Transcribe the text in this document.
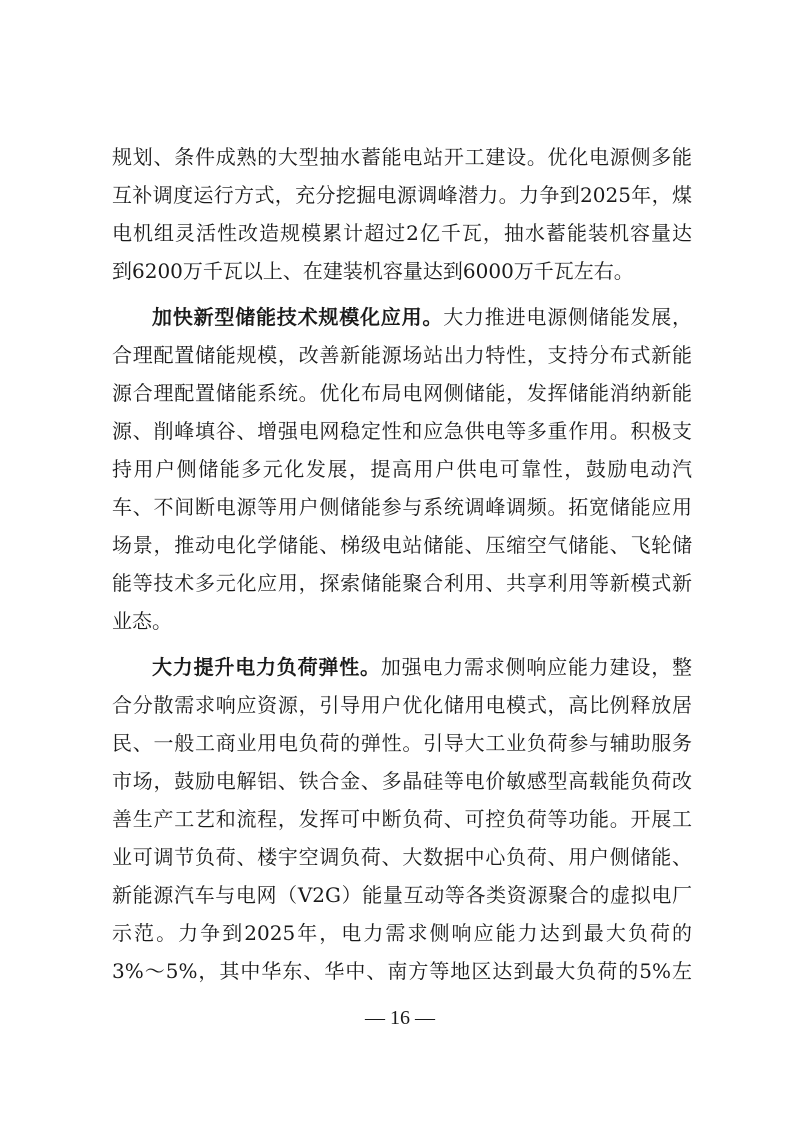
规划、条件成熟的大型抽水蓄能电站开工建设。优化电源侧多能
互补调度运行方式，充分挖掘电源调峰潜力。力争到2025年，煤
电机组灵活性改造规模累计超过2亿千瓦，抽水蓄能装机容量达
到6200万千瓦以上、在建装机容量达到6000万千瓦左右。
加快新型储能技术规模化应用。大力推进电源侧储能发展，
合理配置储能规模，改善新能源场站出力特性，支持分布式新能
源合理配置储能系统。优化布局电网侧储能，发挥储能消纳新能
源、削峰填谷、增强电网稳定性和应急供电等多重作用。积极支
持用户侧储能多元化发展，提高用户供电可靠性，鼓励电动汽
车、不间断电源等用户侧储能参与系统调峰调频。拓宽储能应用
场景，推动电化学储能、梯级电站储能、压缩空气储能、飞轮储
能等技术多元化应用，探索储能聚合利用、共享利用等新模式新
业态。
大力提升电力负荷弹性。加强电力需求侧响应能力建设，整
合分散需求响应资源，引导用户优化储用电模式，高比例释放居
民、一般工商业用电负荷的弹性。引导大工业负荷参与辅助服务
市场，鼓励电解铝、铁合金、多晶硅等电价敏感型高载能负荷改
善生产工艺和流程，发挥可中断负荷、可控负荷等功能。开展工
业可调节负荷、楼宇空调负荷、大数据中心负荷、用户侧储能、
新能源汽车与电网（V2G）能量互动等各类资源聚合的虚拟电厂
示范。力争到2025年，电力需求侧响应能力达到最大负荷的
3%～5%，其中华东、华中、南方等地区达到最大负荷的5%左
— 16 —
